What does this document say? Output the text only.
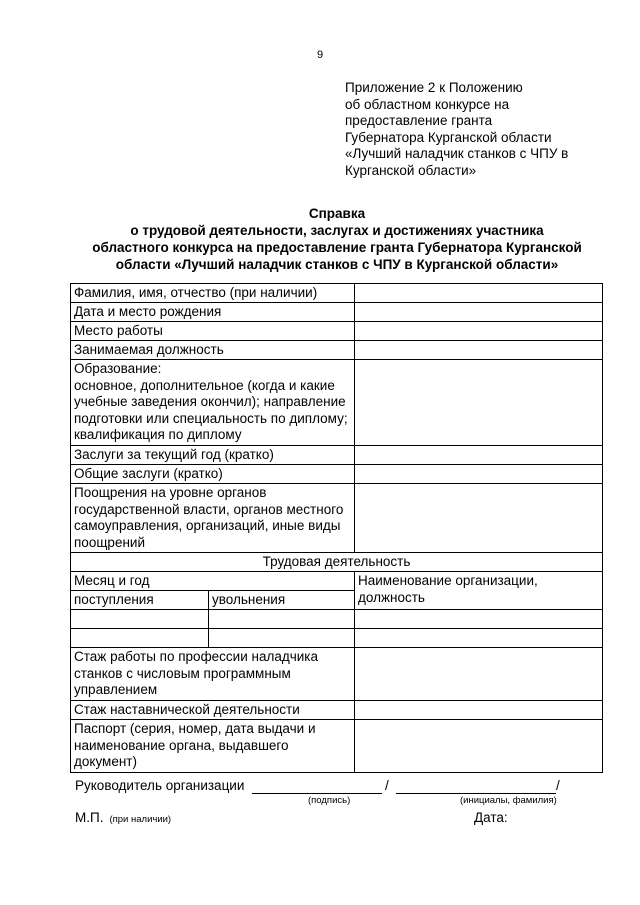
9
Приложение 2 к Положению
об областном конкурсе на
предоставление гранта
Губернатора Курганской области
«Лучший наладчик станков с ЧПУ в
Курганской области»
Справка
о трудовой деятельности, заслугах и достижениях участника
областного конкурса на предоставление гранта Губернатора Курганской
области «Лучший наладчик станков с ЧПУ в Курганской области»
Фамилия, имя, отчество (при наличии)		
Дата и место рождения		
Место работы		
Занимаемая должность		

Образование:
основное, дополнительное (когда и какие
учебные заведения окончил); направление
подготовки или специальность по диплому;
квалификация по диплому		

Заслуги за текущий год (кратко)		
Общие заслуги (кратко)		

Поощрения на уровне органов
государственной власти, органов местного
самоуправления, организаций, иные виды
поощрений		

Трудовая деятельность		
Месяц и год		Наименование организации,
должность

поступления	увольнения	

Стаж работы по профессии наладчика
станков с числовым программным
управлением		

Стаж наставнической деятельности		

Паспорт (серия, номер, дата выдачи и
наименование органа, выдавшего
документ)		

Руководитель организации	/	/
(подпись)	(инициалы, фамилия)
М.П. (при наличии)	Дата:
